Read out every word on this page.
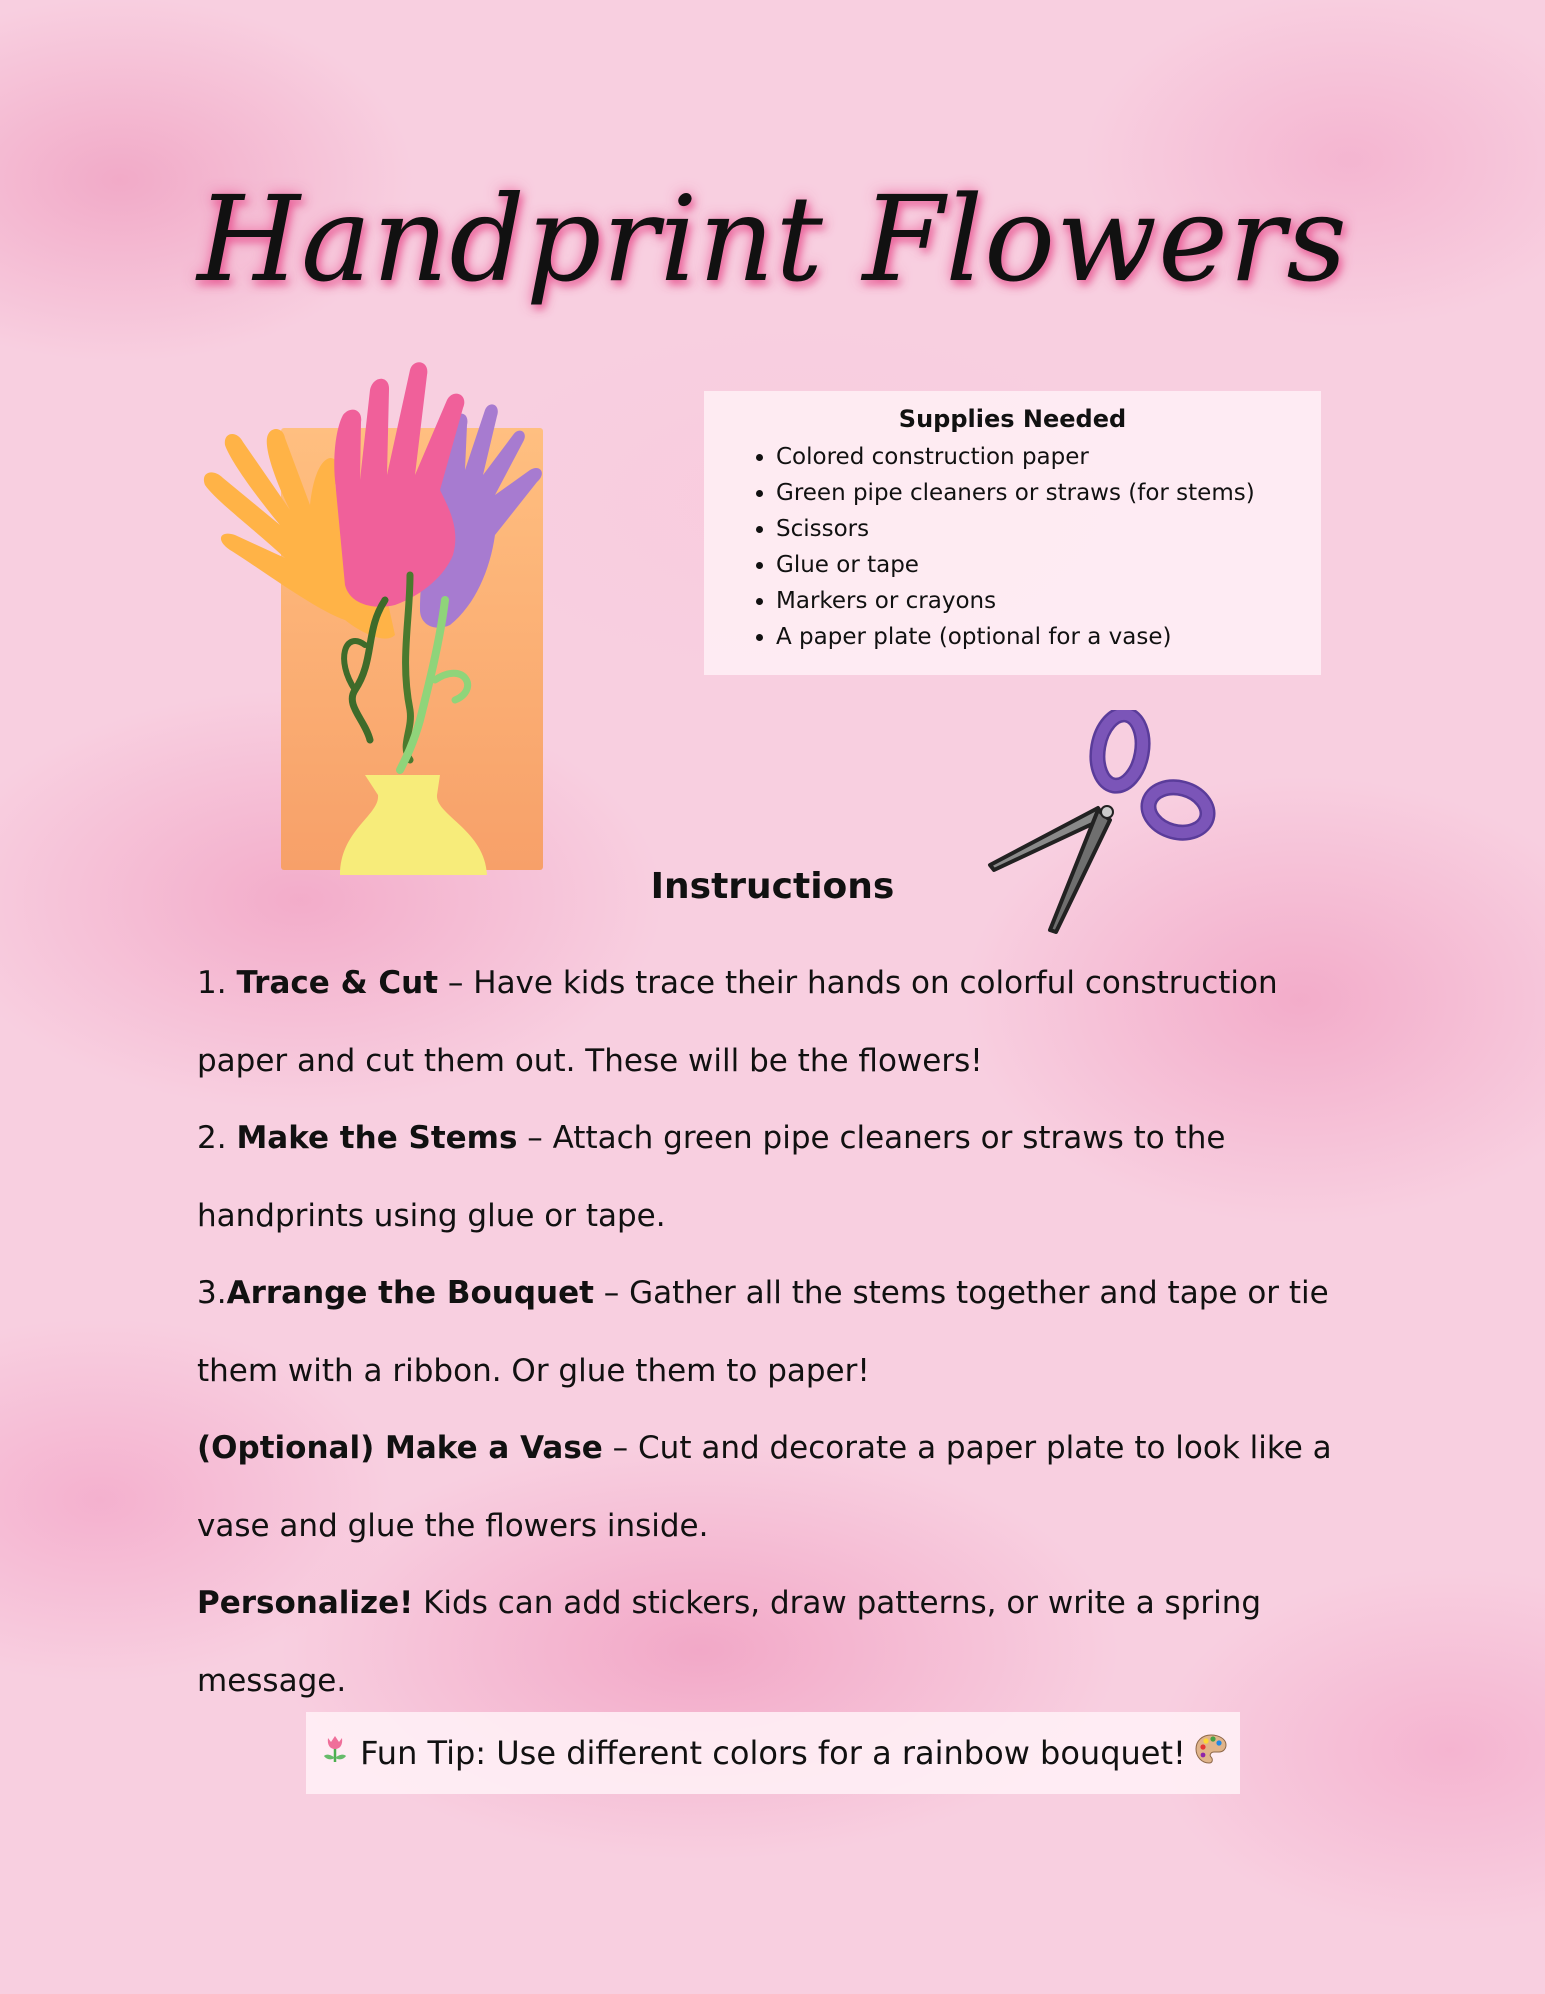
Handprint Flowers
Supplies Needed
• Colored construction paper
• Green pipe cleaners or straws (for stems)
• Scissors
• Glue or tape
• Markers or crayons
• A paper plate (optional for a vase)
Instructions

1. Trace & Cut – Have kids trace their hands on colorful construction paper and cut them out. These will be the flowers!

2. Make the Stems – Attach green pipe cleaners or straws to the handprints using glue or tape.

3.Arrange the Bouquet – Gather all the stems together and tape or tie them with a ribbon. Or glue them to paper!

(Optional) Make a Vase – Cut and decorate a paper plate to look like a vase and glue the flowers inside.

Personalize! Kids can add stickers, draw patterns, or write a spring message.

Fun Tip: Use different colors for a rainbow bouquet!
